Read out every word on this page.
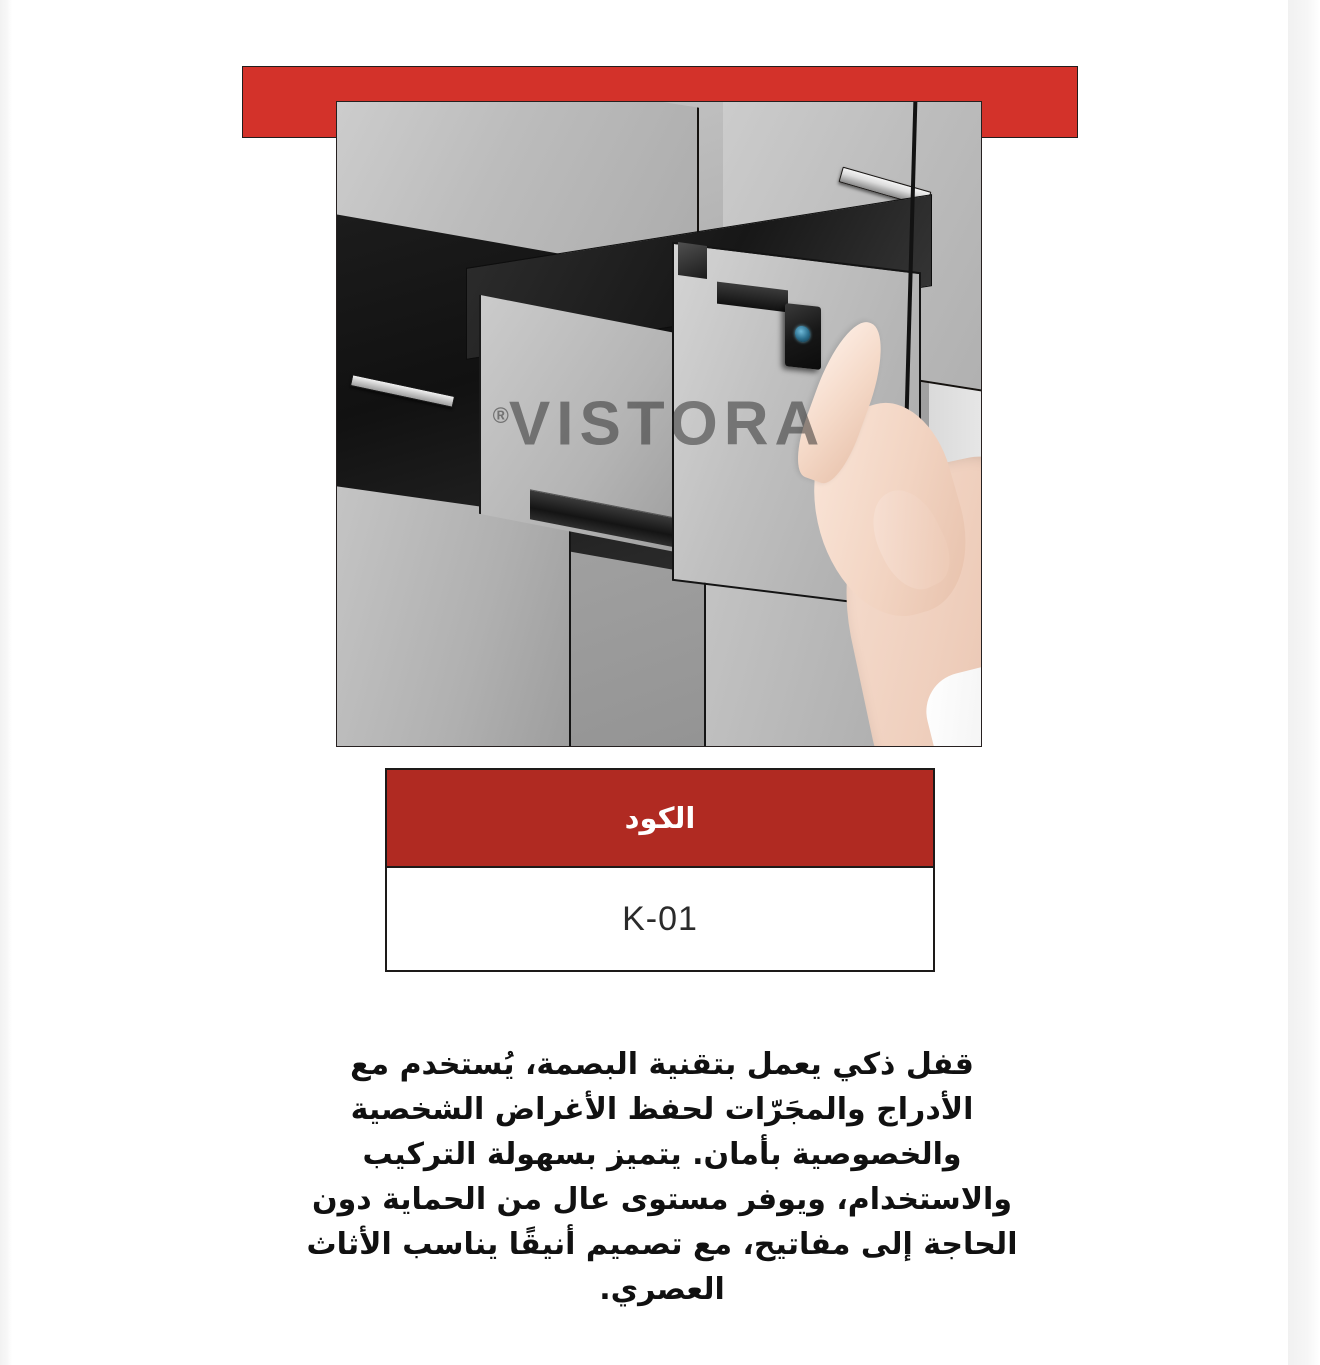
VISTORA®
الكود
K-01

قفل ذكي يعمل بتقنية البصمة، يُستخدم مع الأدراج والمجَرّات لحفظ الأغراض الشخصية والخصوصية بأمان. يتميز بسهولة التركيب والاستخدام، ويوفر مستوى عال من الحماية دون الحاجة إلى مفاتيح، مع تصميم أنيقًا يناسب الأثاث العصري.
